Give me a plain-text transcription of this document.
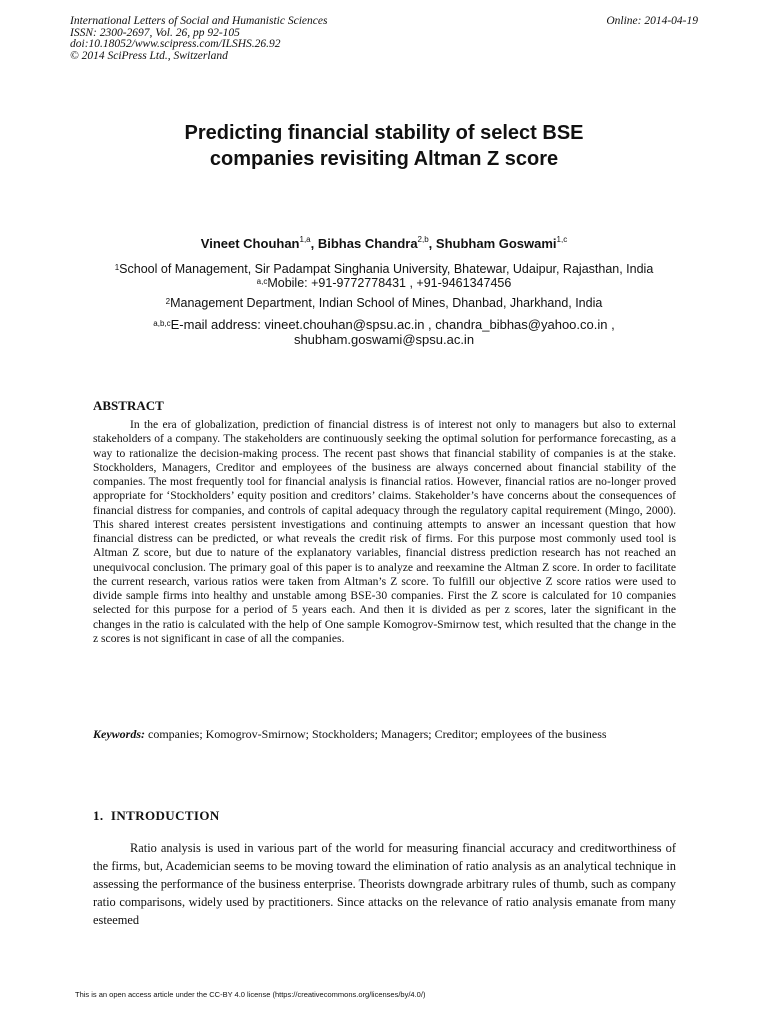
International Letters of Social and Humanistic Sciences
ISSN: 2300-2697, Vol. 26, pp 92-105
doi:10.18052/www.scipress.com/ILSHS.26.92
© 2014 SciPress Ltd., Switzerland
Online: 2014-04-19
Predicting financial stability of select BSE
companies revisiting Altman Z score
Vineet Chouhan$^{1,a}$, Bibhas Chandra$^{2,b}$, Shubham Goswami$^{1,c}$
$^1$School of Management, Sir Padampat Singhania University, Bhatewar, Udaipur, Rajasthan, India
$^{a,c}$Mobile: +91-9772778431 , +91-9461347456
$^2$Management Department, Indian School of Mines, Dhanbad, Jharkhand, India
$^{a,b,c}$E-mail address: vineet.chouhan@spsu.ac.in , chandra_bibhas@yahoo.co.in ,
shubham.goswami@spsu.ac.in
ABSTRACT

In the era of globalization, prediction of financial distress is of interest not only to managers but also to external stakeholders of a company. The stakeholders are continuously seeking the optimal solution for performance forecasting, as a way to rationalize the decision-making process. The recent past shows that financial stability of companies is at the stake. Stockholders, Managers, Creditor and employees of the business are always concerned about financial stability of the companies. The most frequently tool for financial analysis is financial ratios. However, financial ratios are no-longer proved appropriate for ‘Stockholders’ equity position and creditors’ claims. Stakeholder’s have concerns about the consequences of financial distress for companies, and controls of capital adequacy through the regulatory capital requirement (Mingo, 2000). This shared interest creates persistent investigations and continuing attempts to answer an incessant question that how financial distress can be predicted, or what reveals the credit risk of firms. For this purpose most commonly used tool is Altman Z score, but due to nature of the explanatory variables, financial distress prediction research has not reached an unequivocal conclusion. The primary goal of this paper is to analyze and reexamine the Altman Z score. In order to facilitate the current research, various ratios were taken from Altman’s Z score. To fulfill our objective Z score ratios were used to divide sample firms into healthy and unstable among BSE-30 companies. First the Z score is calculated for 10 companies selected for this purpose for a period of 5 years each. And then it is divided as per z scores, later the significant in the changes in the ratio is calculated with the help of One sample Komogrov-Smirnow test, which resulted that the change in the z scores is not significant in case of all the companies.

Keywords: companies; Komogrov-Smirnow; Stockholders; Managers; Creditor; employees of the business
1. INTRODUCTION

Ratio analysis is used in various part of the world for measuring financial accuracy and creditworthiness of the firms, but, Academician seems to be moving toward the elimination of ratio analysis as an analytical technique in assessing the performance of the business enterprise. Theorists downgrade arbitrary rules of thumb, such as company ratio comparisons, widely used by practitioners. Since attacks on the relevance of ratio analysis emanate from many esteemed

This is an open access article under the CC-BY 4.0 license (https://creativecommons.org/licenses/by/4.0/)
